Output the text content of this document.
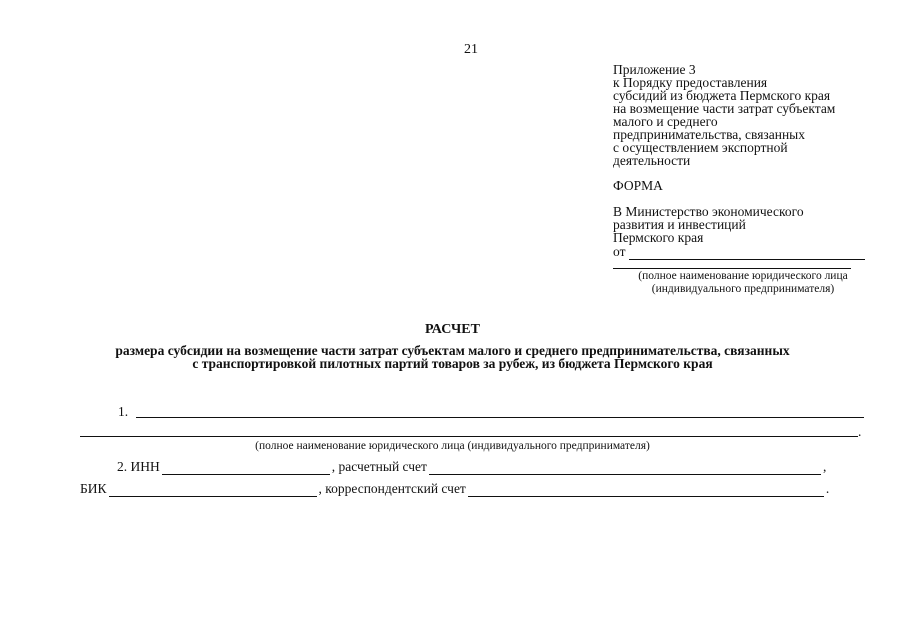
21
Приложение 3
к Порядку предоставления
субсидий из бюджета Пермского края
на возмещение части затрат субъектам
малого и среднего
предпринимательства, связанных
с осуществлением экспортной
деятельности
ФОРМА
В Министерство экономического
развития и инвестиций
Пермского края
от
(полное наименование юридического лица
(индивидуального предпринимателя)
РАСЧЕТ
размера субсидии на возмещение части затрат субъектам малого и среднего предпринимательства, связанных
с транспортировкой пилотных партий товаров за рубеж, из бюджета Пермского края
1.
.
(полное наименование юридического лица (индивидуального предпринимателя)
2. ИНН	, расчетный счет	,
БИК	, корреспондентский счет	.
